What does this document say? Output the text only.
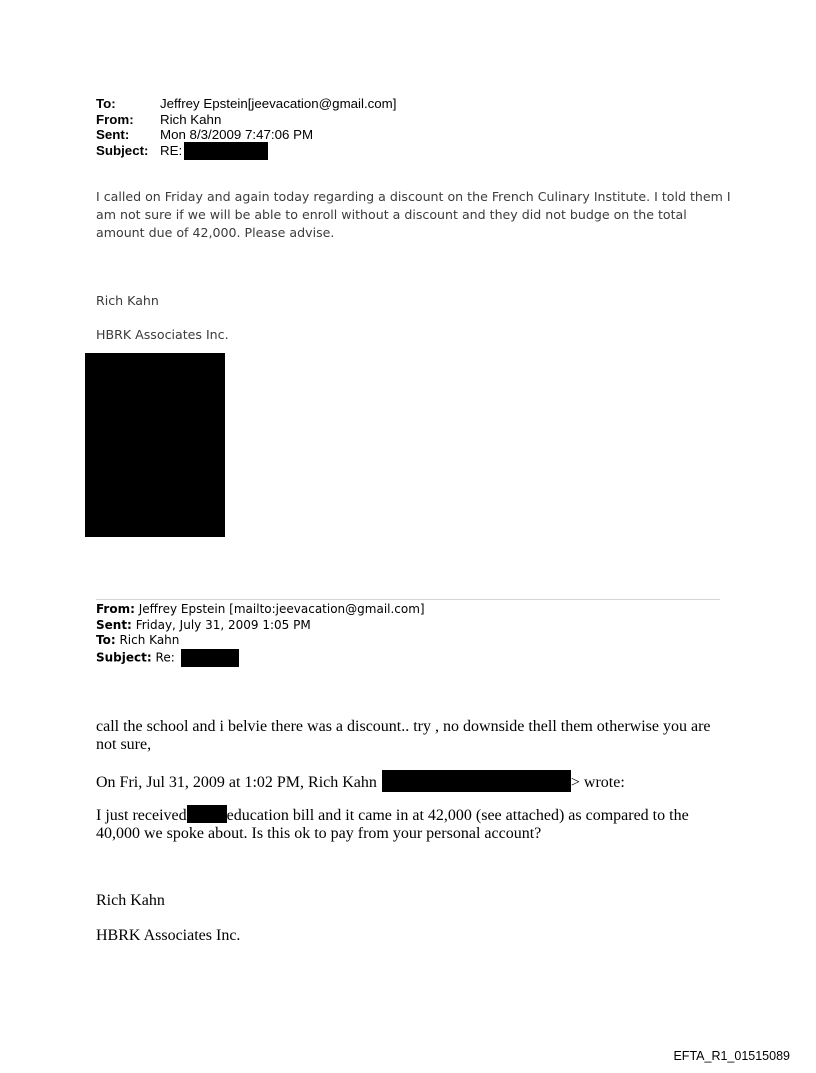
To:	Jeffrey Epstein[jeevacation@gmail.com]
From:	Rich Kahn
Sent:	Mon 8/3/2009 7:47:06 PM
Subject: RE:
I called on Friday and again today regarding a discount on the French Culinary Institute. I told them I am not sure if we will be able to enroll without a discount and they did not budge on the total amount due of 42,000. Please advise.
Rich Kahn
HBRK Associates Inc.
From: Jeffrey Epstein [mailto:jeevacation@gmail.com]
Sent: Friday, July 31, 2009 1:05 PM
To: Rich Kahn
Subject: Re:
call the school and i belvie there was a discount.. try , no downside thell them otherwise you are not sure,
On Fri, Jul 31, 2009 at 1:02 PM, Rich Kahn	> wrote:
I just received	education bill and it came in at 42,000 (see attached) as compared to the 40,000 we spoke about. Is this ok to pay from your personal account?
Rich Kahn
HBRK Associates Inc.
EFTA_R1_01515089
